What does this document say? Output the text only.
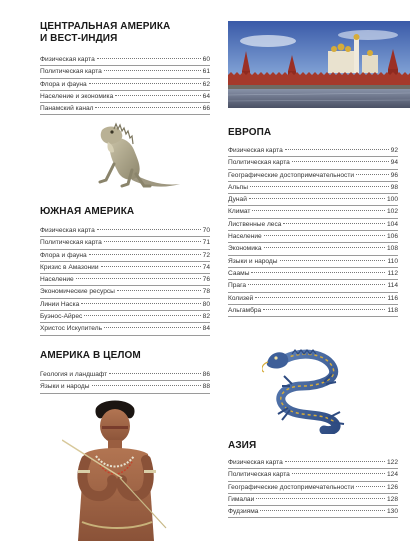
ЦЕНТРАЛЬНАЯ АМЕРИКА
И ВЕСТ-ИНДИЯ
Физическая карта	60
Политическая карта	61
Флора и фауна	62
Население и экономика	64
Панамский канал	66
ЮЖНАЯ АМЕРИКА
Физическая карта	70
Политическая карта	71
Флора и фауна	72
Кризис в Амазонии	74
Население	76
Экономические ресурсы	78
Линии Наска	80
Буэнос-Айрес	82
Христос Искупитель	84
АМЕРИКА В ЦЕЛОМ
Геология и ландшафт	86
Языки и народы	88
ЕВРОПА
Физическая карта	92
Политическая карта	94
Географические достопримечательности	96
Альпы	98
Дунай	100
Климат	102
Лиственные леса	104
Население	106
Экономика	108
Языки и народы	110
Саамы	112
Прага	114
Колизей	116
Альгамбра	118
АЗИЯ
Физическая карта	122
Политическая карта	124
Географические достопримечательности	126
Гималаи	128
Фудзияма	130
